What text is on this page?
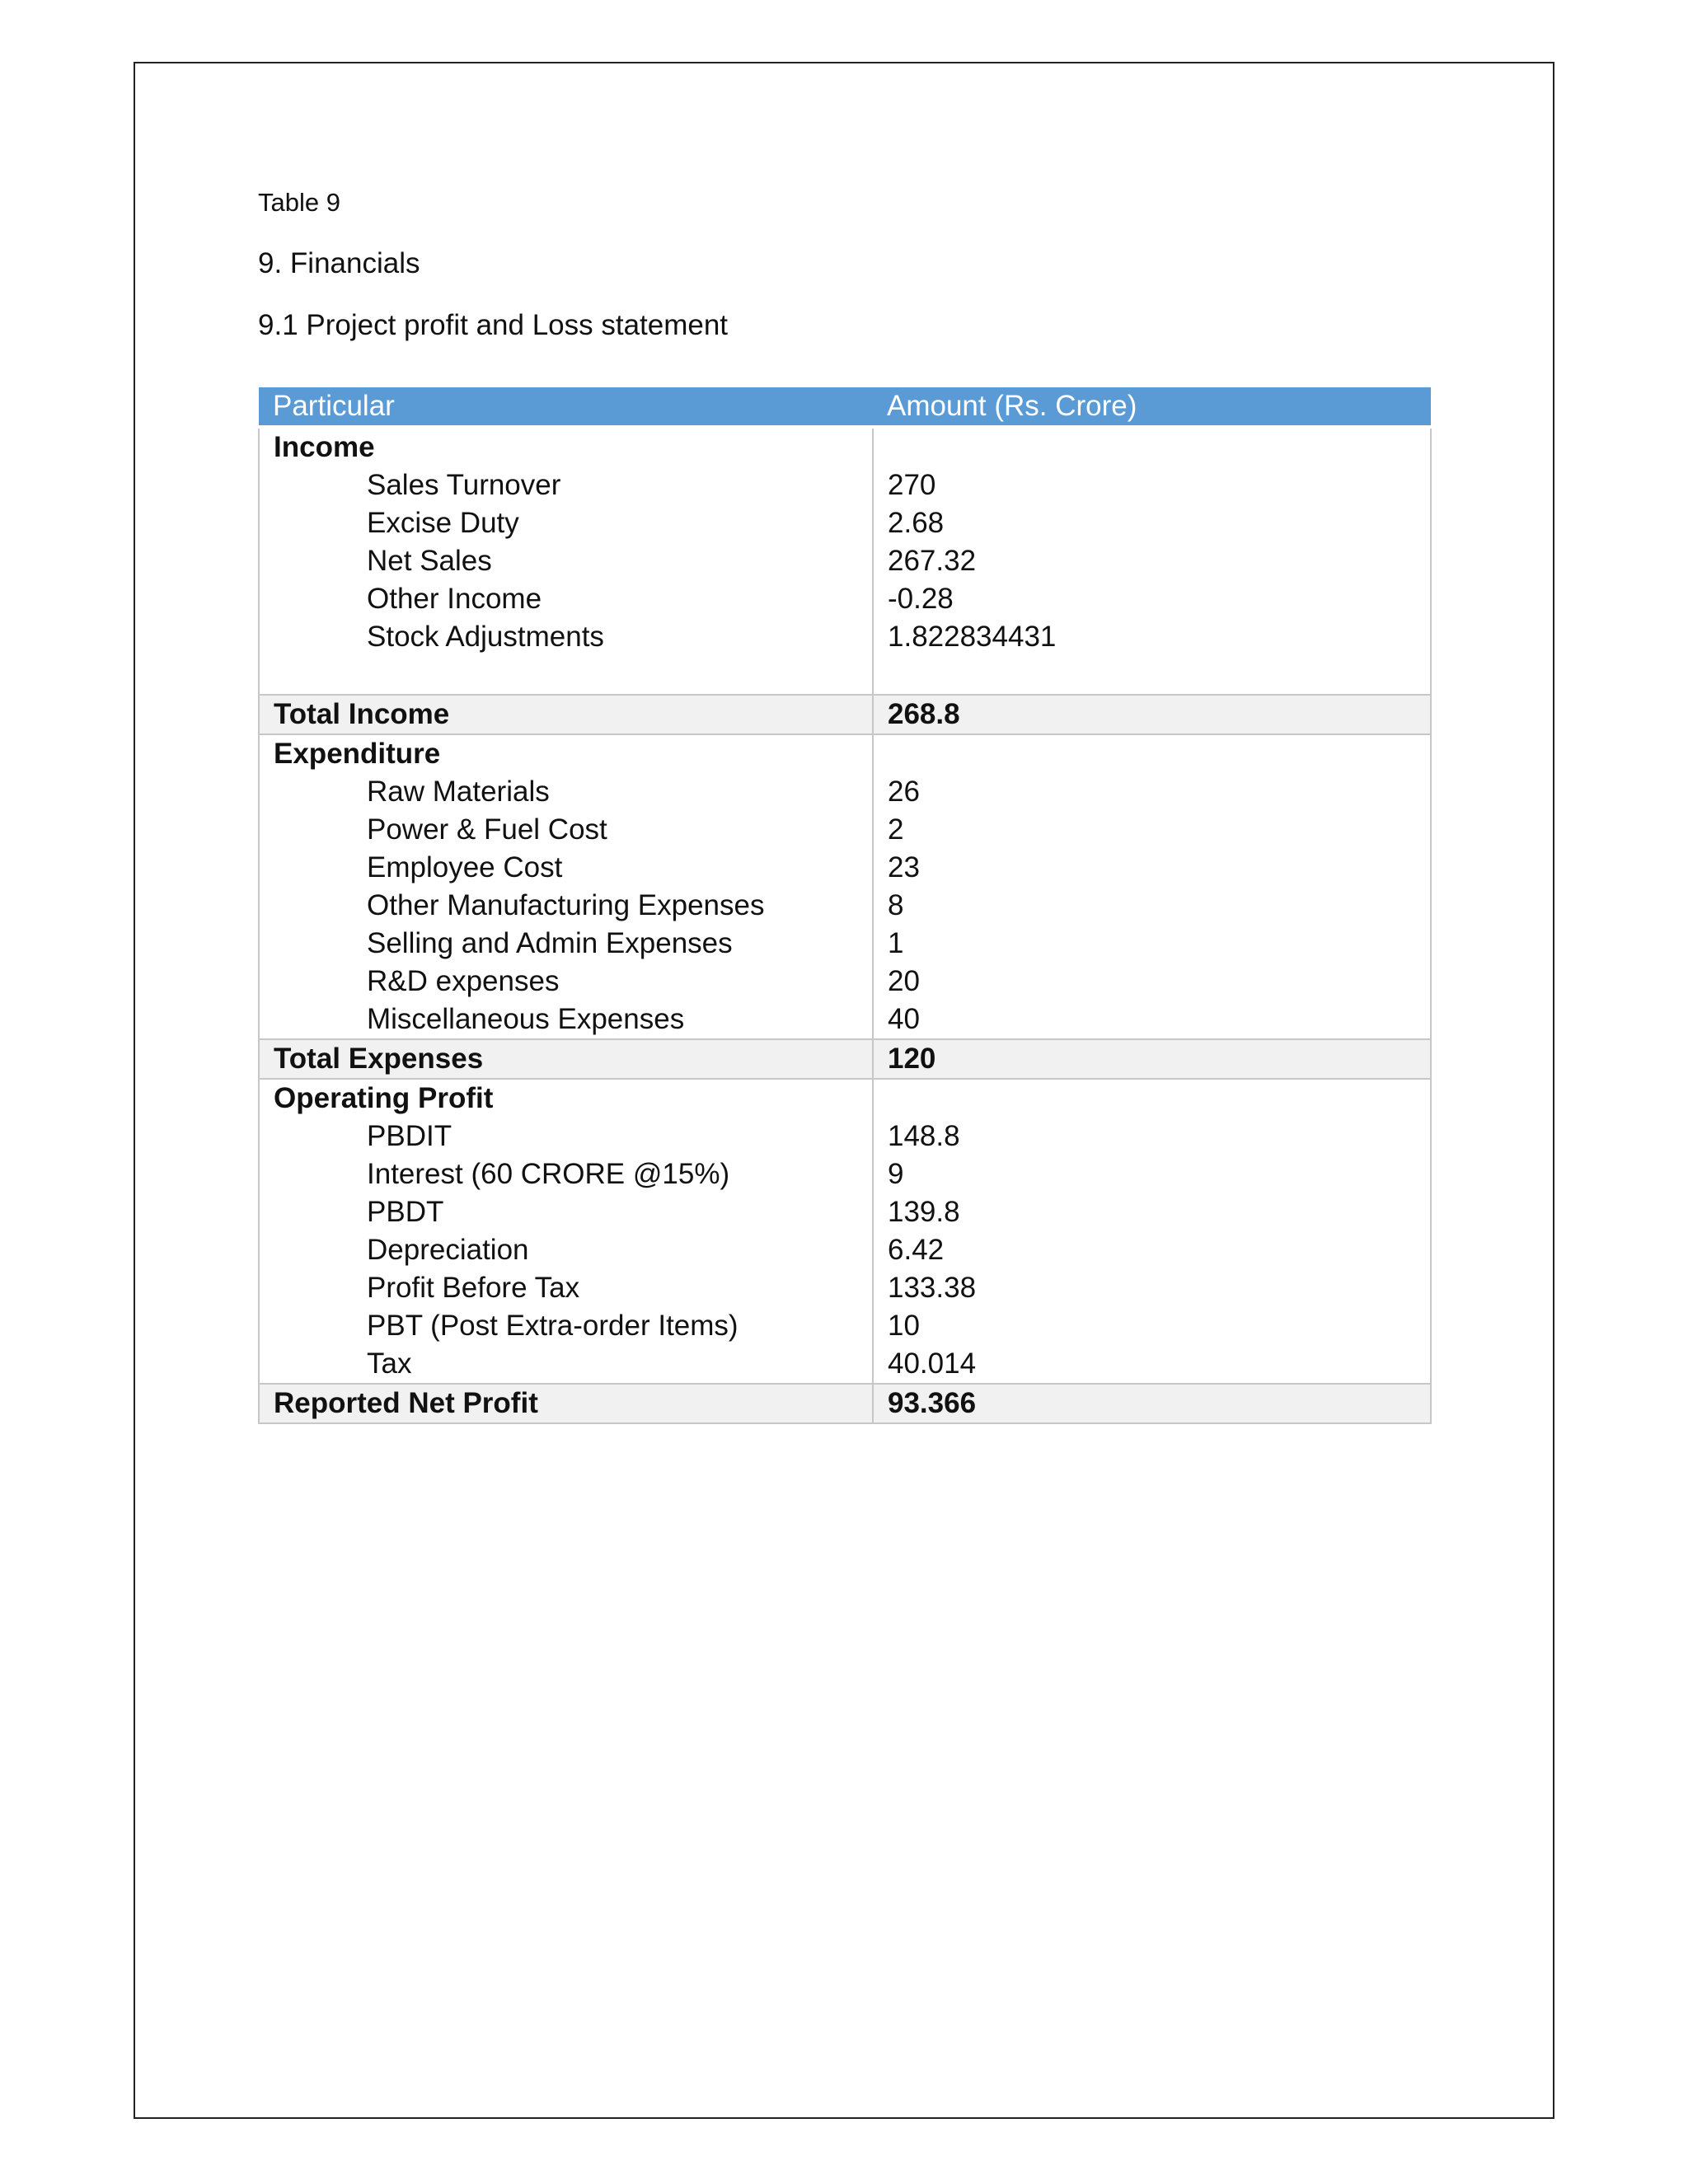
Table 9
9. Financials
9.1 Project profit and Loss statement
Particular	Amount (Rs. Crore)
Income	
Sales Turnover	270
Excise Duty	2.68
Net Sales	267.32
Other Income	-0.28
Stock Adjustments	1.822834431

Total Income	268.8
Expenditure	
Raw Materials	26
Power & Fuel Cost	2
Employee Cost	23
Other Manufacturing Expenses	8
Selling and Admin Expenses	1
R&D expenses	20
Miscellaneous Expenses	40
Total Expenses	120
Operating Profit	
PBDIT	148.8
Interest (60 CRORE @15%)	9
PBDT	139.8
Depreciation	6.42
Profit Before Tax	133.38
PBT (Post Extra-order Items)	10
Tax	40.014
Reported Net Profit	93.366
